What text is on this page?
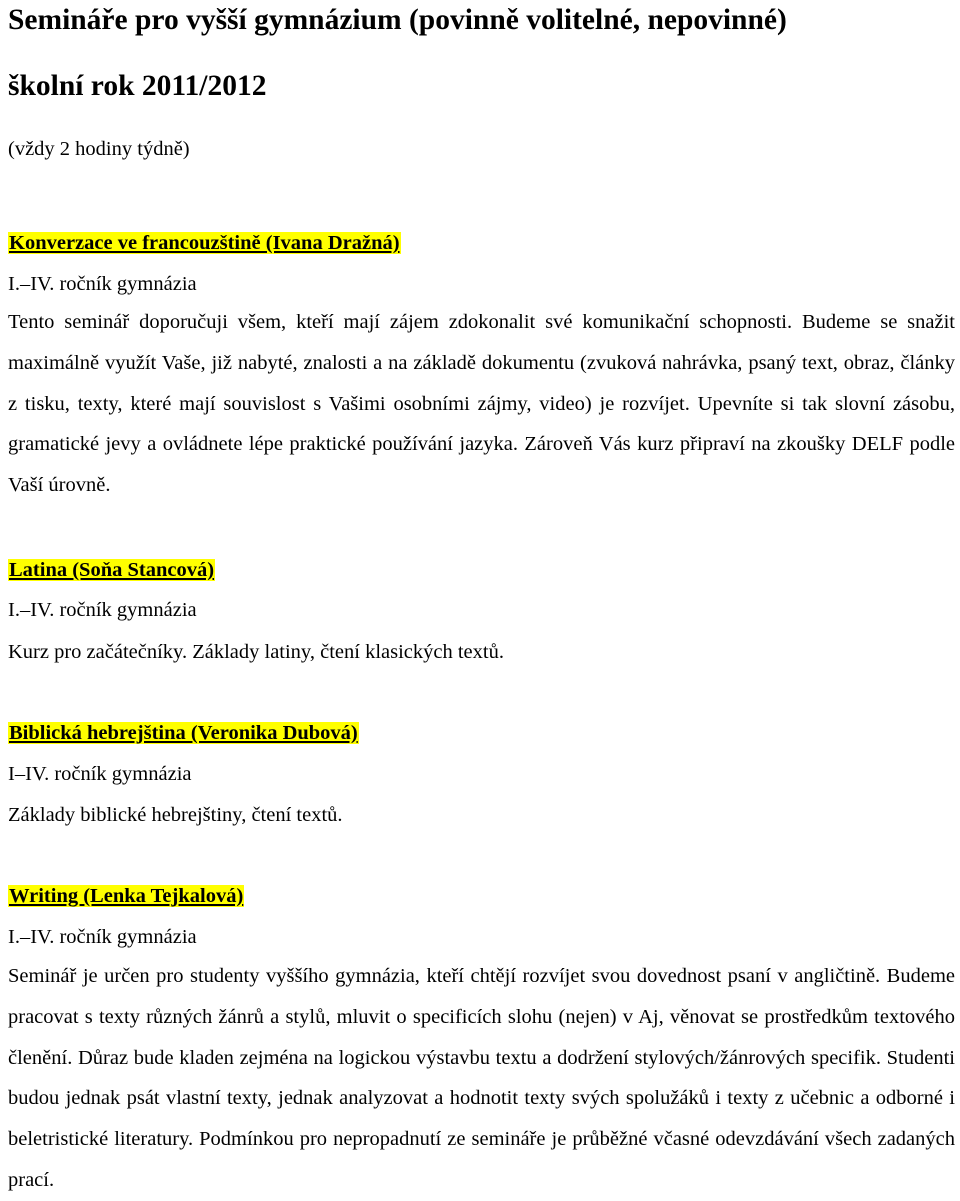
Semináře pro vyšší gymnázium (povinně volitelné, nepovinné)
školní rok 2011/2012
(vždy 2 hodiny týdně)
Konverzace ve francouzštině (Ivana Dražná)
I.–IV. ročník gymnázia
Tento seminář doporučuji všem, kteří mají zájem zdokonalit své komunikační schopnosti. Budeme se snažit maximálně využít Vaše, již nabyté, znalosti a na základě dokumentu (zvuková nahrávka, psaný text, obraz, články z tisku, texty, které mají souvislost s Vašimi osobními zájmy, video) je rozvíjet. Upevníte si tak slovní zásobu, gramatické jevy a ovládnete lépe praktické používání jazyka. Zároveň Vás kurz připraví na zkoušky DELF podle Vaší úrovně.
Latina (Soňa Stancová)
I.–IV. ročník gymnázia
Kurz pro začátečníky. Základy latiny, čtení klasických textů.
Biblická hebrejština (Veronika Dubová)
I–IV. ročník gymnázia
Základy biblické hebrejštiny, čtení textů.
Writing (Lenka Tejkalová)
I.–IV. ročník gymnázia
Seminář je určen pro studenty vyššího gymnázia, kteří chtějí rozvíjet svou dovednost psaní v angličtině. Budeme pracovat s texty různých žánrů a stylů, mluvit o specificích slohu (nejen) v Aj, věnovat se prostředkům textového členění. Důraz bude kladen zejména na logickou výstavbu textu a dodržení stylových/žánrových specifik. Studenti budou jednak psát vlastní texty, jednak analyzovat a hodnotit texty svých spolužáků i texty z učebnic a odborné i beletristické literatury. Podmínkou pro nepropadnutí ze semináře je průběžné včasné odevzdávání všech zadaných prací.
